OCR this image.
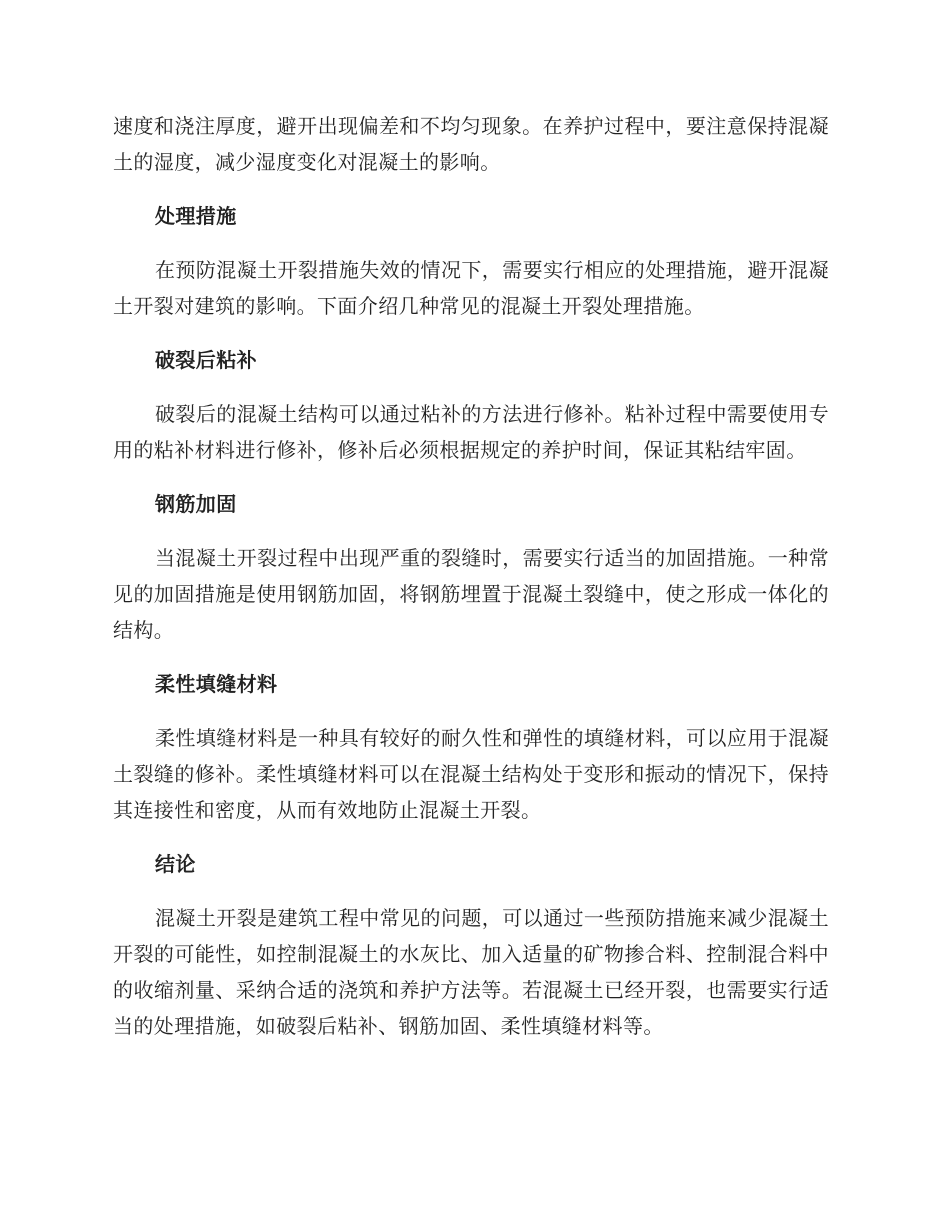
速度和浇注厚度，避开出现偏差和不均匀现象。在养护过程中，要注意保持混凝土的湿度，减少湿度变化对混凝土的影响。

处理措施

在预防混凝土开裂措施失效的情况下，需要实行相应的处理措施，避开混凝土开裂对建筑的影响。下面介绍几种常见的混凝土开裂处理措施。

破裂后粘补

破裂后的混凝土结构可以通过粘补的方法进行修补。粘补过程中需要使用专用的粘补材料进行修补，修补后必须根据规定的养护时间，保证其粘结牢固。

钢筋加固

当混凝土开裂过程中出现严重的裂缝时，需要实行适当的加固措施。一种常见的加固措施是使用钢筋加固，将钢筋埋置于混凝土裂缝中，使之形成一体化的结构。

柔性填缝材料

柔性填缝材料是一种具有较好的耐久性和弹性的填缝材料，可以应用于混凝土裂缝的修补。柔性填缝材料可以在混凝土结构处于变形和振动的情况下，保持其连接性和密度，从而有效地防止混凝土开裂。

结论

混凝土开裂是建筑工程中常见的问题，可以通过一些预防措施来减少混凝土开裂的可能性，如控制混凝土的水灰比、加入适量的矿物掺合料、控制混合料中的收缩剂量、采纳合适的浇筑和养护方法等。若混凝土已经开裂，也需要实行适当的处理措施，如破裂后粘补、钢筋加固、柔性填缝材料等。
